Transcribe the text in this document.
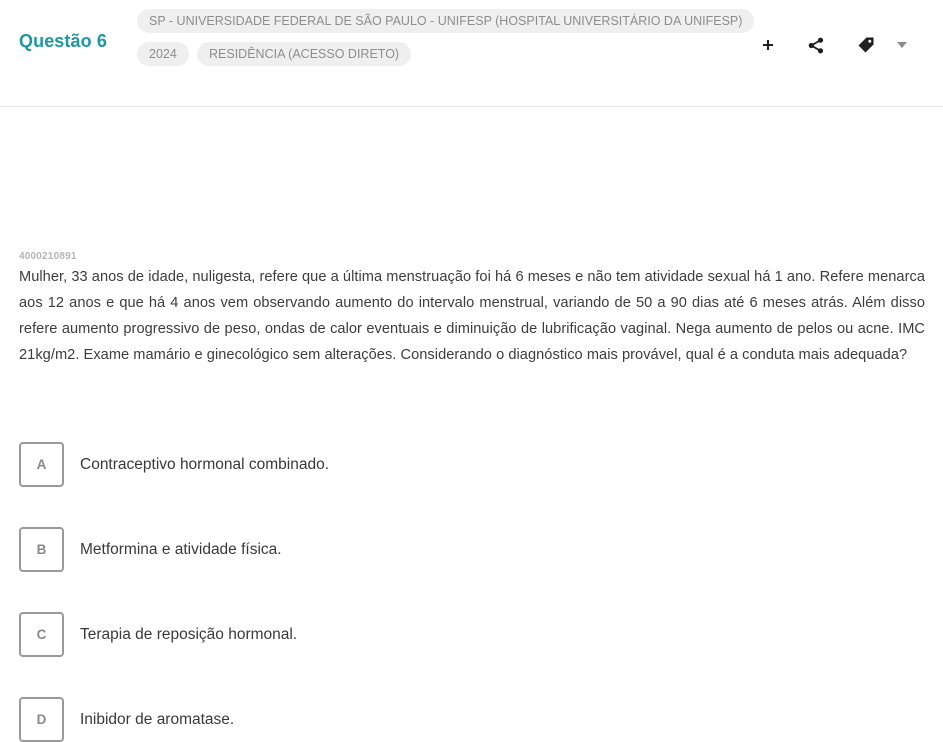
Questão 6
SP - UNIVERSIDADE FEDERAL DE SÃO PAULO - UNIFESP (HOSPITAL UNIVERSITÁRIO DA UNIFESP)
2024	RESIDÊNCIA (ACESSO DIRETO)
4000210891
Mulher, 33 anos de idade, nuligesta, refere que a última menstruação foi há 6 meses e não tem atividade sexual há 1 ano. Refere menarca aos 12 anos e que há 4 anos vem observando aumento do intervalo menstrual, variando de 50 a 90 dias até 6 meses atrás. Além disso refere aumento progressivo de peso, ondas de calor eventuais e diminuição de lubrificação vaginal. Nega aumento de pelos ou acne. IMC 21kg/m2. Exame mamário e ginecológico sem alterações. Considerando o diagnóstico mais provável, qual é a conduta mais adequada?
A	Contraceptivo hormonal combinado.
B	Metformina e atividade física.
C	Terapia de reposição hormonal.
D	Inibidor de aromatase.
